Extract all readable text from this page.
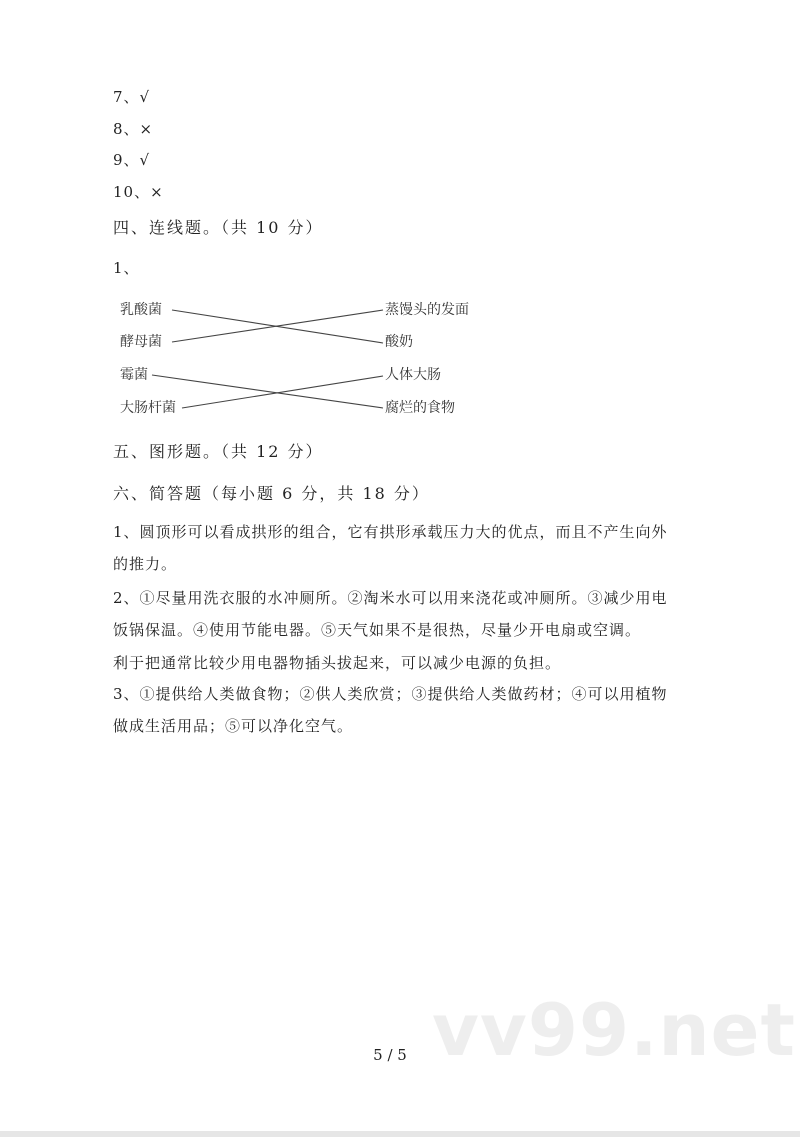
7、√
8、×
9、√
10、×
四、连线题。（共 10 分）
1、
乳酸菌
酵母菌
霉菌
大肠杆菌
蒸馒头的发面
酸奶
人体大肠
腐烂的食物
五、图形题。（共 12 分）
六、简答题（每小题 6 分，共 18 分）
1、圆顶形可以看成拱形的组合，它有拱形承载压力大的优点，而且不产生向外
的推力。
2、①尽量用洗衣服的水冲厕所。②淘米水可以用来浇花或冲厕所。③减少用电
饭锅保温。④使用节能电器。⑤天气如果不是很热，尽量少开电扇或空调。
利于把通常比较少用电器物插头拔起来，可以减少电源的负担。
3、①提供给人类做食物；②供人类欣赏；③提供给人类做药材；④可以用植物
做成生活用品；⑤可以净化空气。
vv99.net
5 / 5
